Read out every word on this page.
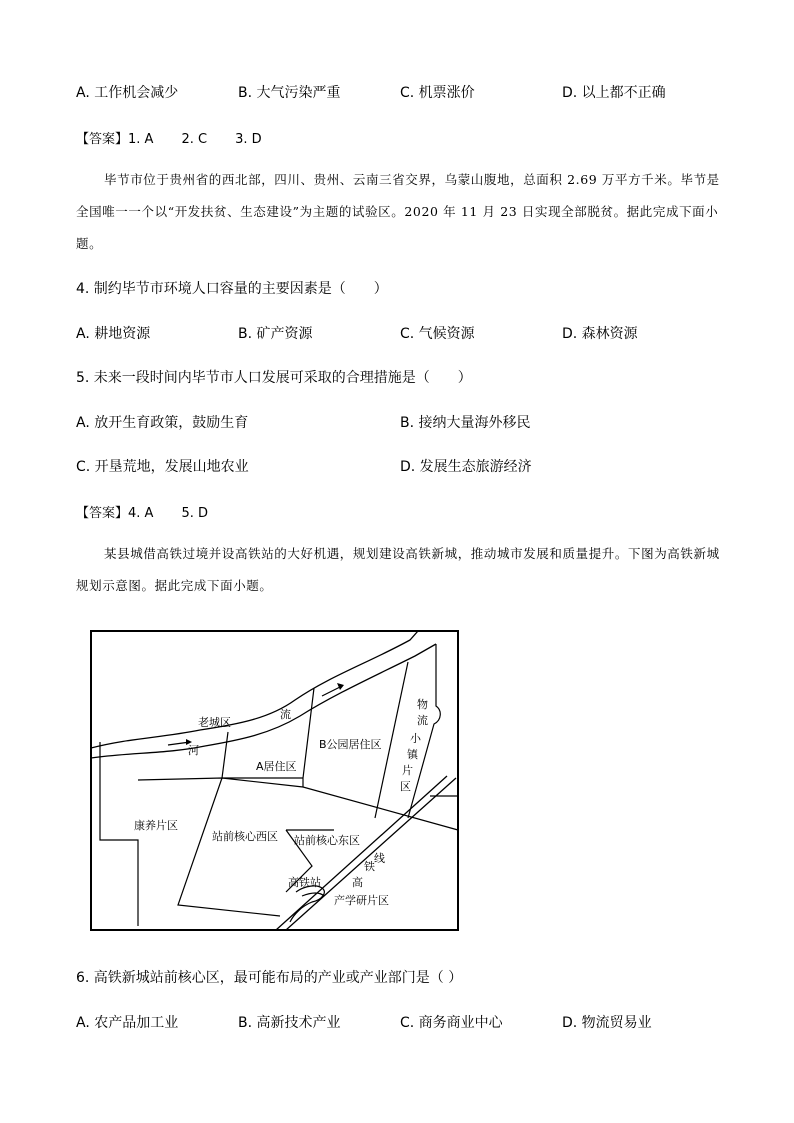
A. 工作机会减少	B. 大气污染严重	C. 机票涨价	D. 以上都不正确
【答案】1. A 2. C 3. D
毕节市位于贵州省的西北部，四川、贵州、云南三省交界，乌蒙山腹地，总面积 2.69 万平方千米。毕节是全国唯一一个以“开发扶贫、生态建设”为主题的试验区。2020 年 11 月 23 日实现全部脱贫。据此完成下面小题。
4. 制约毕节市环境人口容量的主要因素是（　　）
A. 耕地资源	B. 矿产资源	C. 气候资源	D. 森林资源
5. 未来一段时间内毕节市人口发展可采取的合理措施是（　　）
A. 放开生育政策，鼓励生育	B. 接纳大量海外移民
C. 开垦荒地，发展山地农业	D. 发展生态旅游经济
【答案】4. A 5. D
某县城借高铁过境并设高铁站的大好机遇，规划建设高铁新城，推动城市发展和质量提升。下图为高铁新城规划示意图。据此完成下面小题。
老城区
流
河	B公园居住区
A居住区
物
流
小
镇
片
区
康养片区
站前核心西区 站前核心东区
线
铁
高
高铁站
产学研片区
6. 高铁新城站前核心区，最可能布局的产业或产业部门是（ ）
A. 农产品加工业	B. 高新技术产业	C. 商务商业中心	D. 物流贸易业
